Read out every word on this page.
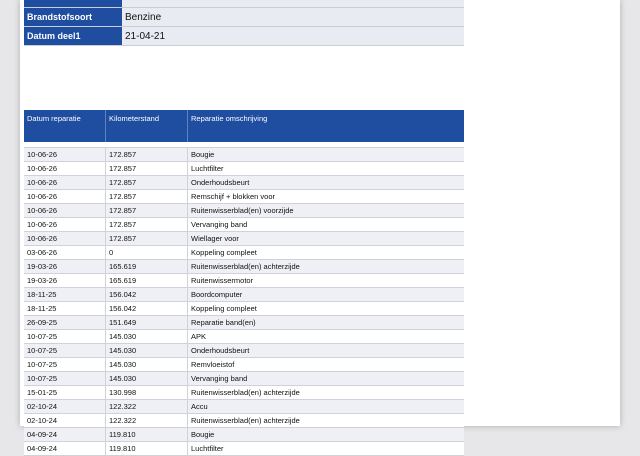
Brandstofsoort	Benzine
Datum deel1	21-04-21
Datum reparatie	Kilometerstand	Reparatie omschrijving
10-06-26	172.857	Bougie
10-06-26	172.857	Luchtfilter
10-06-26	172.857	Onderhoudsbeurt
10-06-26	172.857	Remschijf + blokken voor
10-06-26	172.857	Ruitenwisserblad(en) voorzijde
10-06-26	172.857	Vervanging band
10-06-26	172.857	Wiellager voor
03-06-26	0	Koppeling compleet
19-03-26	165.619	Ruitenwisserblad(en) achterzijde
19-03-26	165.619	Ruitenwissermotor
18-11-25	156.042	Boordcomputer
18-11-25	156.042	Koppeling compleet
26-09-25	151.649	Reparatie band(en)
10-07-25	145.030	APK
10-07-25	145.030	Onderhoudsbeurt
10-07-25	145.030	Remvloeistof
10-07-25	145.030	Vervanging band
15-01-25	130.998	Ruitenwisserblad(en) achterzijde
02-10-24	122.322	Accu
02-10-24	122.322	Ruitenwisserblad(en) achterzijde
04-09-24	119.810	Bougie
04-09-24	119.810	Luchtfilter
